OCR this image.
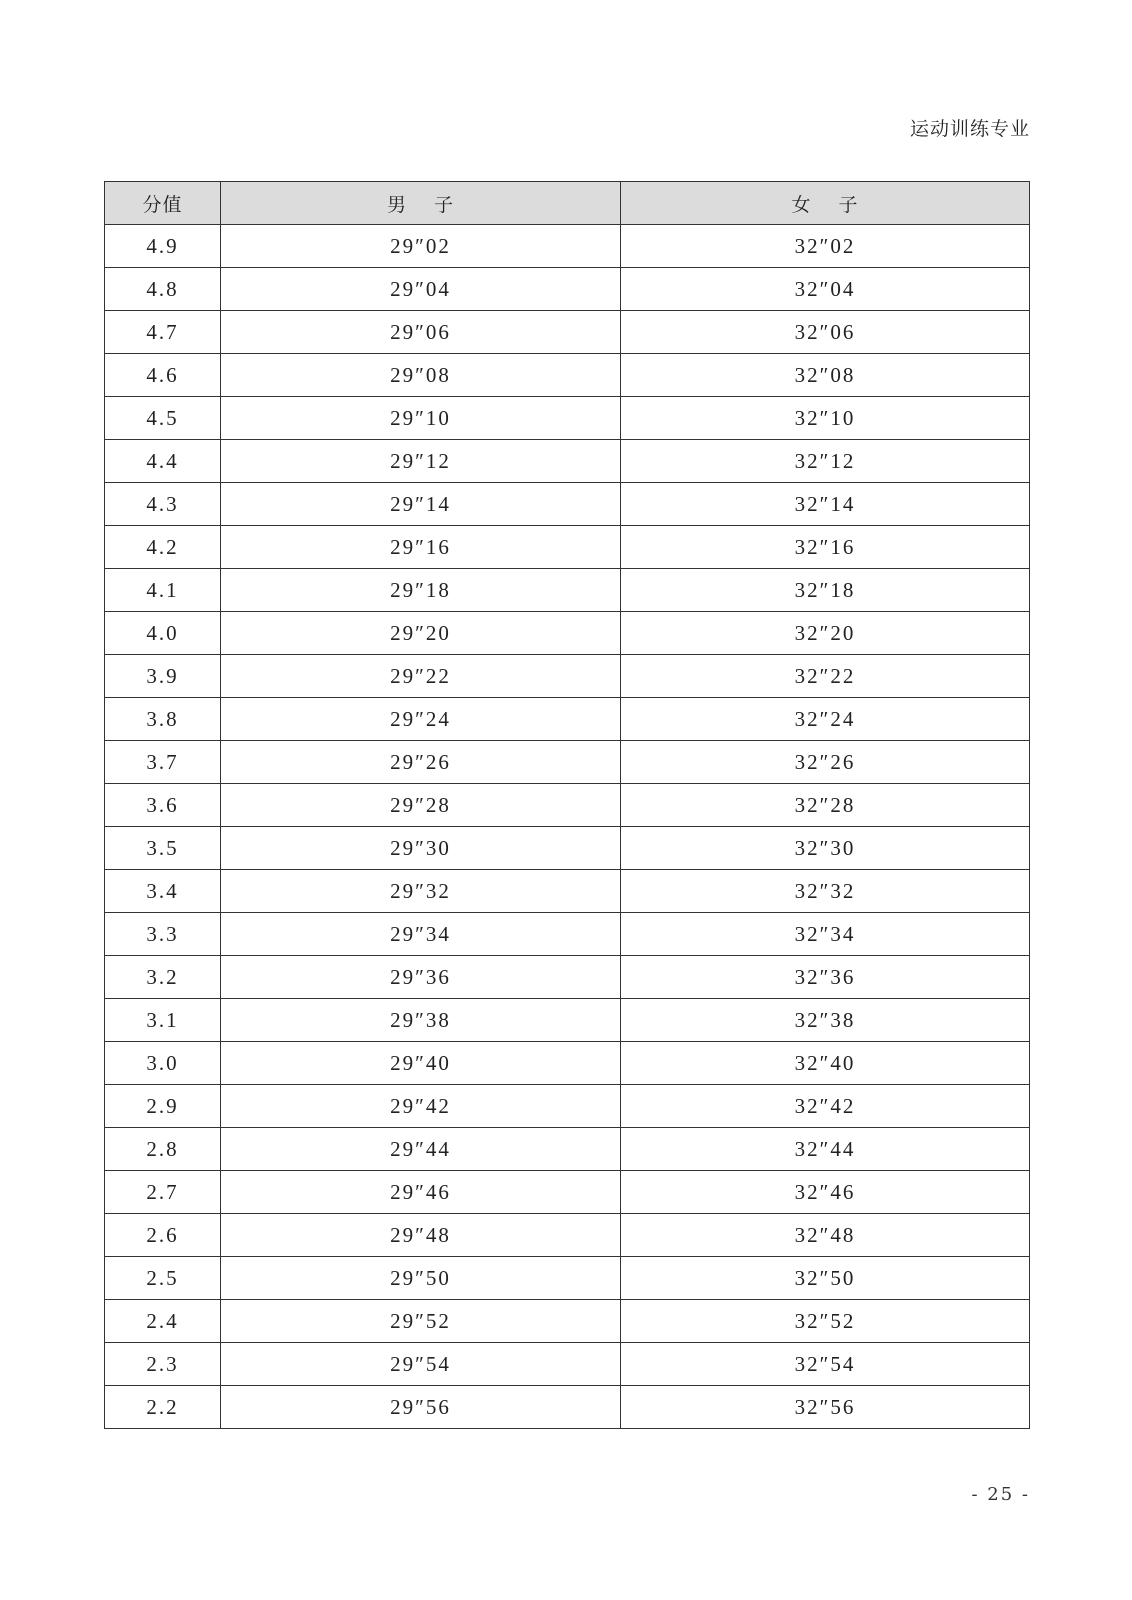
运动训练专业
分值	男　 子	女　 子
4.9	29″02	32″02
4.8	29″04	32″04
4.7	29″06	32″06
4.6	29″08	32″08
4.5	29″10	32″10
4.4	29″12	32″12
4.3	29″14	32″14
4.2	29″16	32″16
4.1	29″18	32″18
4.0	29″20	32″20
3.9	29″22	32″22
3.8	29″24	32″24
3.7	29″26	32″26
3.6	29″28	32″28
3.5	29″30	32″30
3.4	29″32	32″32
3.3	29″34	32″34
3.2	29″36	32″36
3.1	29″38	32″38
3.0	29″40	32″40
2.9	29″42	32″42
2.8	29″44	32″44
2.7	29″46	32″46
2.6	29″48	32″48
2.5	29″50	32″50
2.4	29″52	32″52
2.3	29″54	32″54
2.2	29″56	32″56
- 25 -
